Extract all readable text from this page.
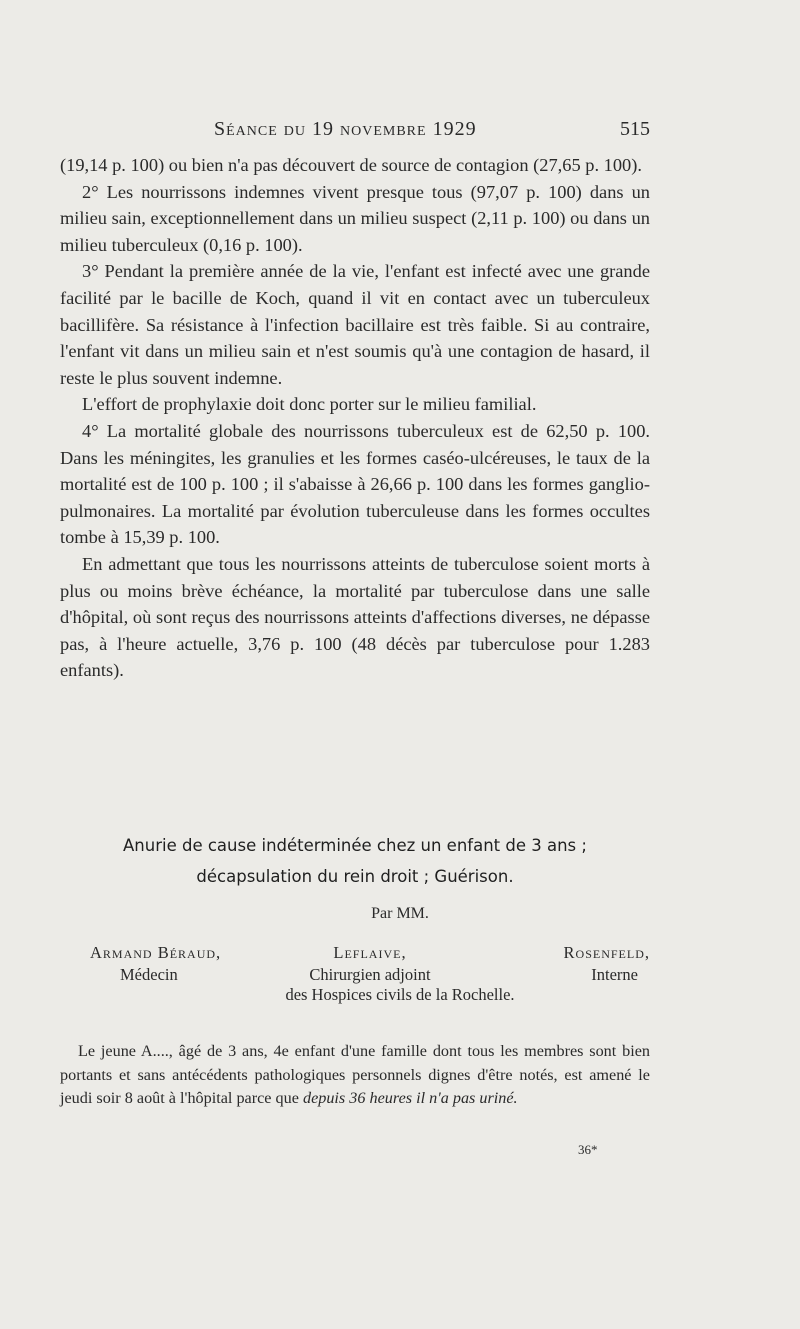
Séance du 19 novembre 1929	515

(19,14 p. 100) ou bien n'a pas découvert de source de contagion (27,65 p. 100).

2° Les nourrissons indemnes vivent presque tous (97,07 p. 100) dans un milieu sain, exceptionnellement dans un milieu suspect (2,11 p. 100) ou dans un milieu tuberculeux (0,16 p. 100).

3° Pendant la première année de la vie, l'enfant est infecté avec une grande facilité par le bacille de Koch, quand il vit en contact avec un tuberculeux bacillifère. Sa résistance à l'infection bacillaire est très faible. Si au contraire, l'enfant vit dans un milieu sain et n'est soumis qu'à une contagion de hasard, il reste le plus souvent indemne.

L'effort de prophylaxie doit donc porter sur le milieu familial.

4° La mortalité globale des nourrissons tuberculeux est de 62,50 p. 100. Dans les méningites, les granulies et les formes caséo-ulcéreuses, le taux de la mortalité est de 100 p. 100 ; il s'abaisse à 26,66 p. 100 dans les formes ganglio-pulmonaires. La mortalité par évolution tuberculeuse dans les formes occultes tombe à 15,39 p. 100.

En admettant que tous les nourrissons atteints de tuberculose soient morts à plus ou moins brève échéance, la mortalité par tuberculose dans une salle d'hôpital, où sont reçus des nourrissons atteints d'affections diverses, ne dépasse pas, à l'heure actuelle, 3,76 p. 100 (48 décès par tuberculose pour 1.283 enfants).

Anurie de cause indéterminée chez un enfant de 3 ans ;
décapsulation du rein droit ; Guérison.
Par MM.
Armand Béraud,
Médecin
Leflaive,
Chirurgien adjoint
Rosenfeld,
Interne
des Hospices civils de la Rochelle.

Le jeune A...., âgé de 3 ans, 4e enfant d'une famille dont tous les membres sont bien portants et sans antécédents pathologiques personnels dignes d'être notés, est amené le jeudi soir 8 août à l'hôpital parce que depuis 36 heures il n'a pas uriné.

36*
